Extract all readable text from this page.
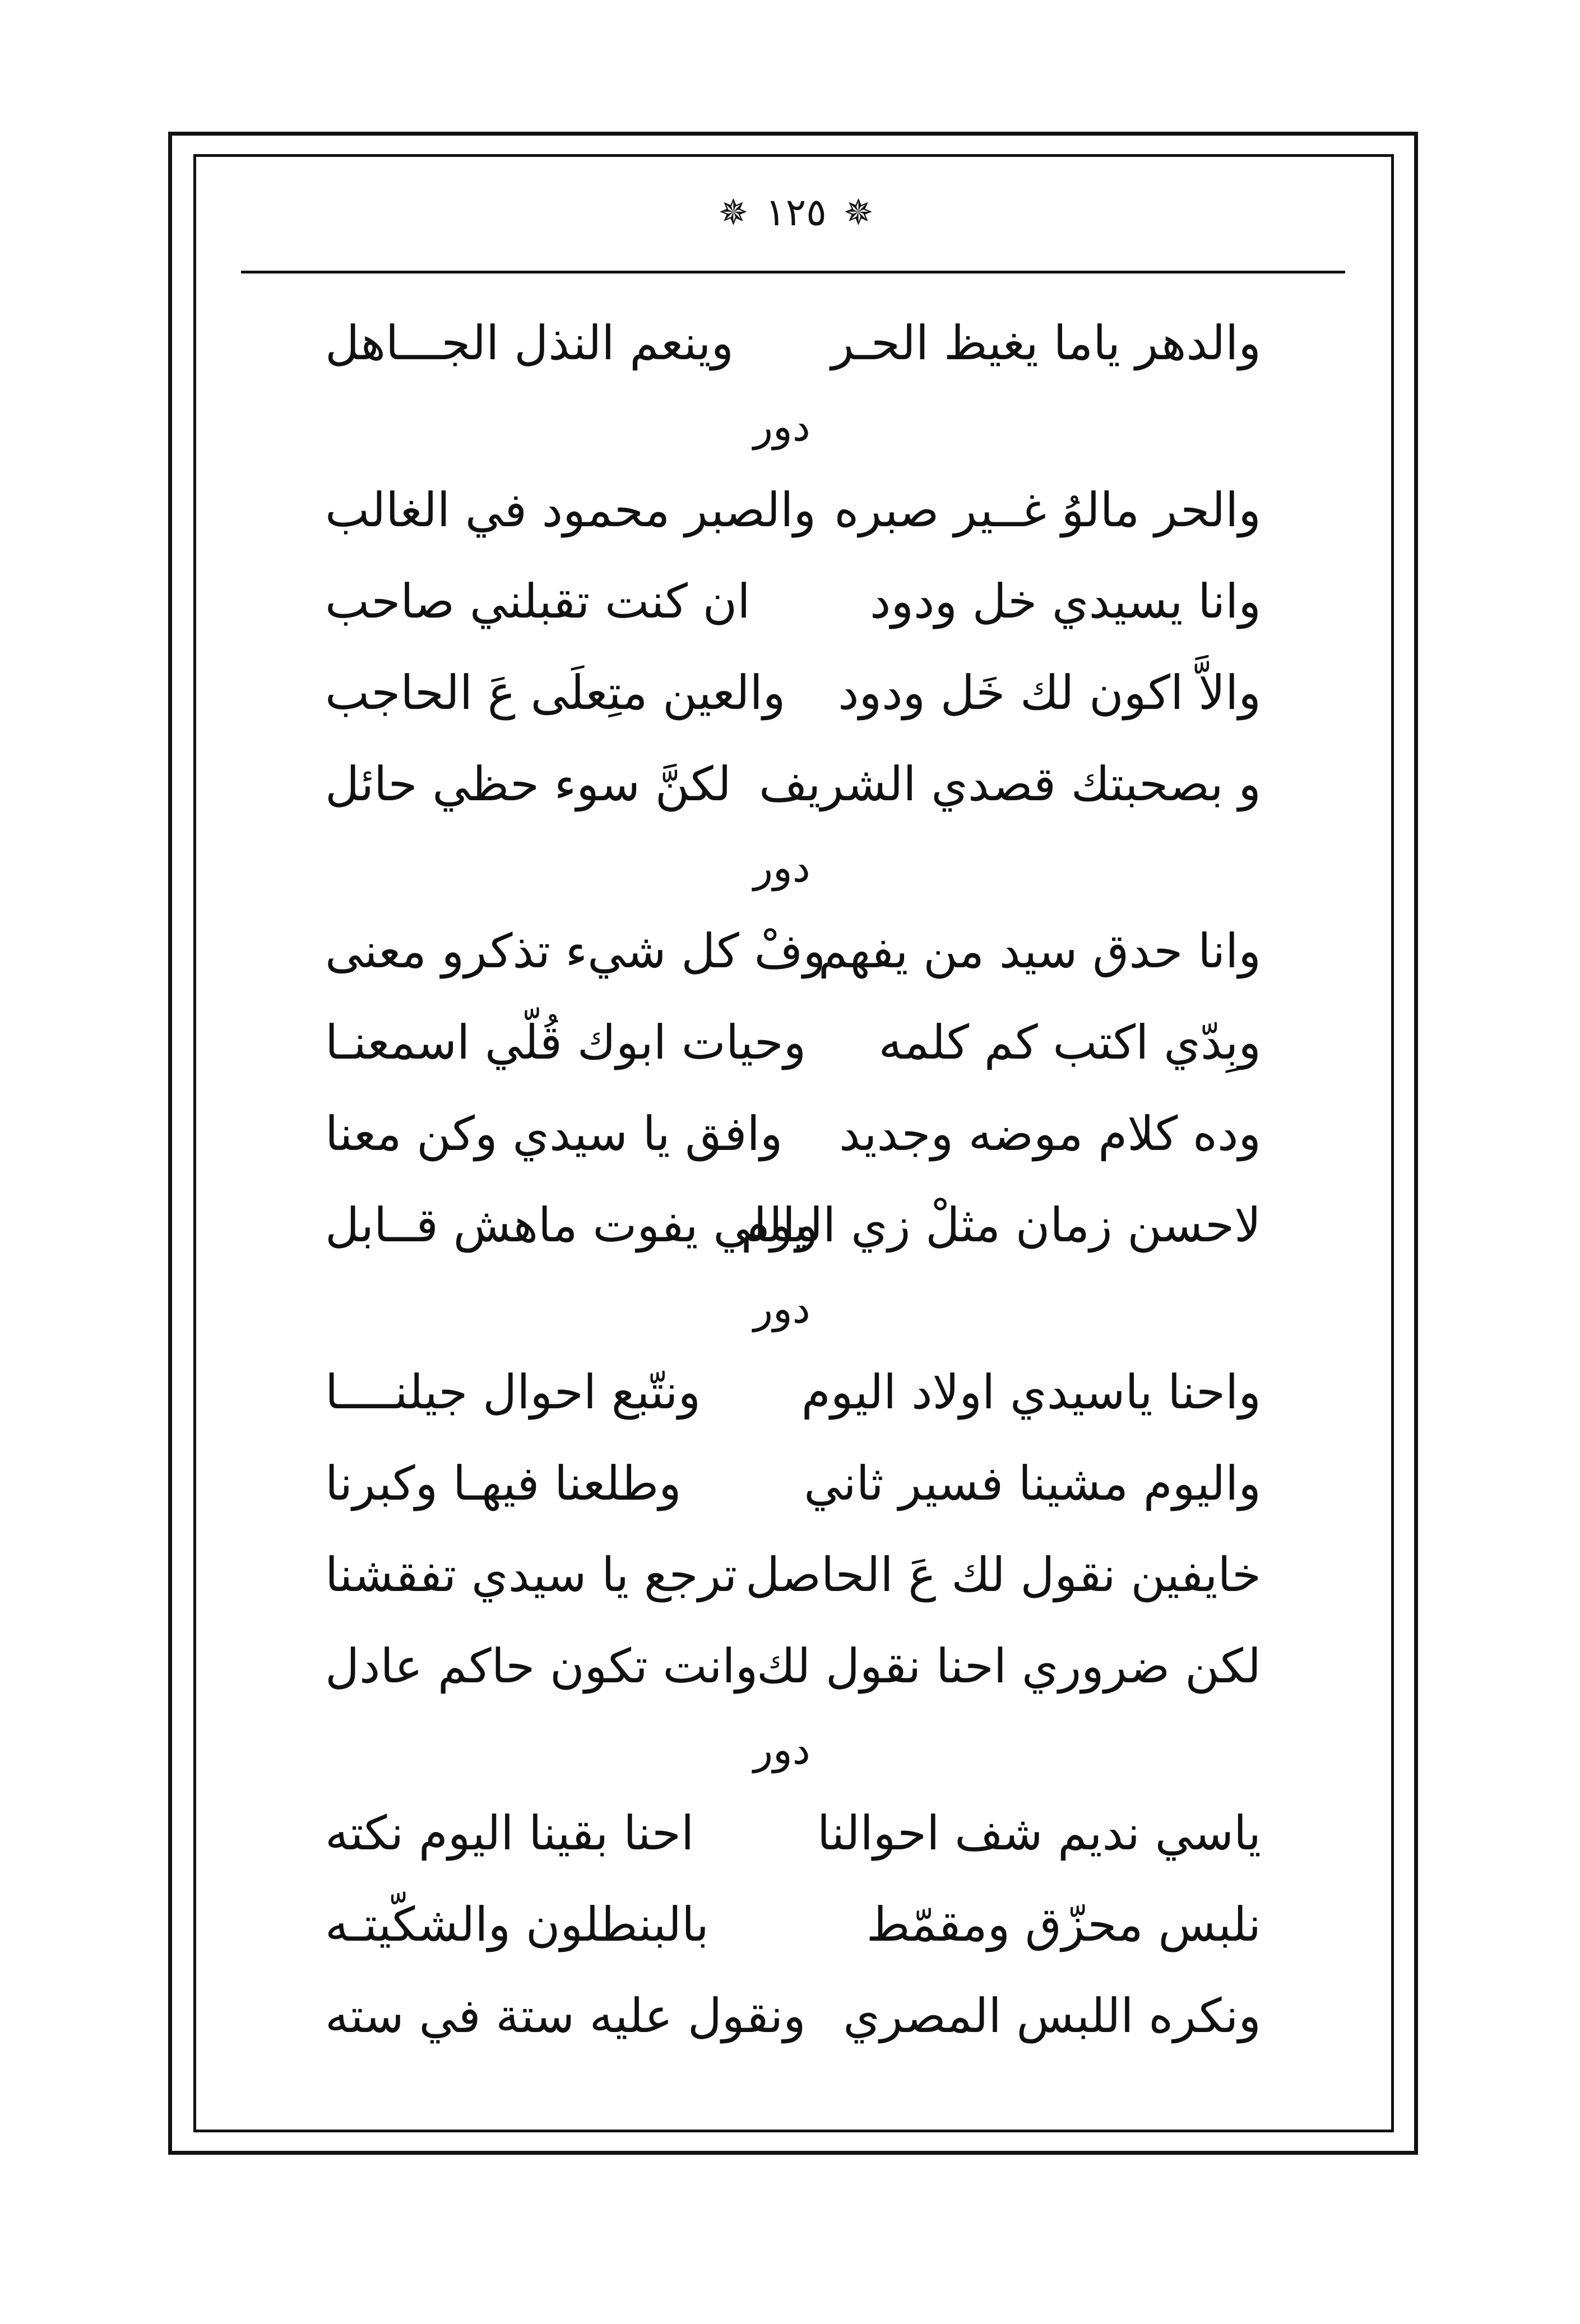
✵
١٢٥
✵
والدهر ياما يغيظ الحـر
وينعم النذل الجـــاهل
دور
والحر مالوُ غــير صبره
والصبر محمود في الغالب
وانا يسيدي خل ودود
ان كنت تقبلني صاحب
والاَّ اكون لك خَل ودود
والعين متِعلَى عَ الحاجب
و بصحبتك قصدي الشريف
لكنَّ سوء حظي حائل
دور
وانا حدق سيد من يفهم
وفْ كل شيء تذكرو معنى
وبِدّي اكتب كم كلمه
وحيات ابوك قُلّي اسمعنـا
وده كلام موضه وجديد
وافق يا سيدي وكن معنا
لاحسن زمان مثلْ زي اليوم
واللي يفوت ماهش قــابل
دور
واحنا ياسيدي اولاد اليوم
ونتّبع احوال جيلنــــا
واليوم مشينا فسير ثاني
وطلعنا فيهـا وكبرنا
خايفين نقول لك عَ الحاصل
ترجع يا سيدي تفقشنا
لكن ضروري احنا نقول لك
وانت تكون حاكم عادل
دور
ياسي نديم شف احوالنا
احنا بقينا اليوم نكته
نلبس محزّق ومقمّط
بالبنطلون والشكّيتـه
ونكره اللبس المصري
ونقول عليه ستة في سته
